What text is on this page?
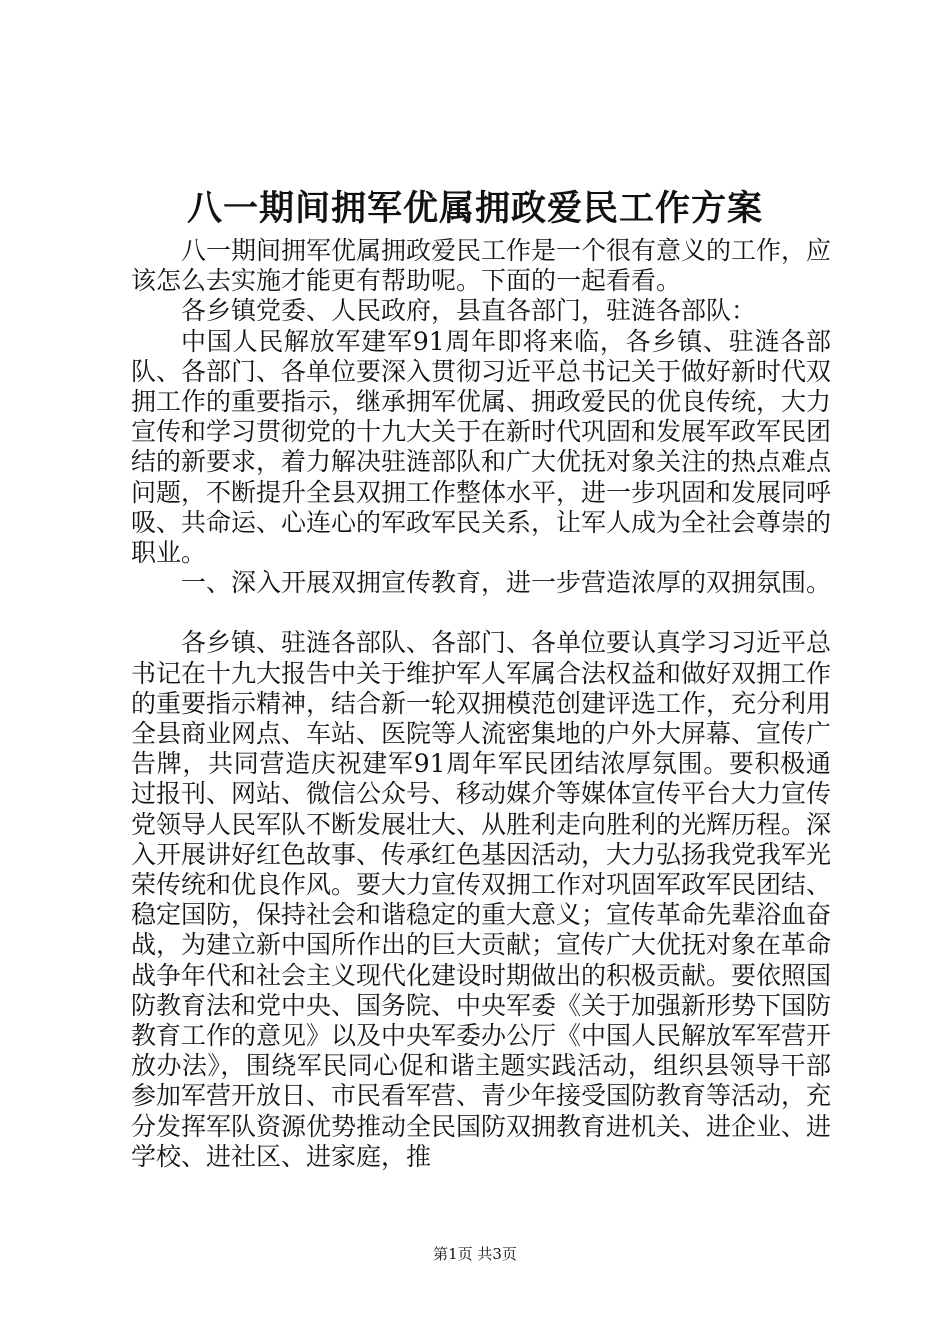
八一期间拥军优属拥政爱民工作方案

八一期间拥军优属拥政爱民工作是一个很有意义的工作，应该怎么去实施才能更有帮助呢。下面的一起看看。

各乡镇党委、人民政府，县直各部门，驻涟各部队：

中国人民解放军建军91周年即将来临，各乡镇、驻涟各部队、各部门、各单位要深入贯彻习近平总书记关于做好新时代双拥工作的重要指示，继承拥军优属、拥政爱民的优良传统，大力宣传和学习贯彻党的十九大关于在新时代巩固和发展军政军民团结的新要求，着力解决驻涟部队和广大优抚对象关注的热点难点问题，不断提升全县双拥工作整体水平，进一步巩固和发展同呼吸、共命运、心连心的军政军民关系，让军人成为全社会尊崇的职业。

一、深入开展双拥宣传教育，进一步营造浓厚的双拥氛围。

各乡镇、驻涟各部队、各部门、各单位要认真学习习近平总书记在十九大报告中关于维护军人军属合法权益和做好双拥工作的重要指示精神，结合新一轮双拥模范创建评选工作，充分利用全县商业网点、车站、医院等人流密集地的户外大屏幕、宣传广告牌，共同营造庆祝建军91周年军民团结浓厚氛围。要积极通过报刊、网站、微信公众号、移动媒介等媒体宣传平台大力宣传党领导人民军队不断发展壮大、从胜利走向胜利的光辉历程。深入开展讲好红色故事、传承红色基因活动，大力弘扬我党我军光荣传统和优良作风。要大力宣传双拥工作对巩固军政军民团结、稳定国防，保持社会和谐稳定的重大意义；宣传革命先辈浴血奋战，为建立新中国所作出的巨大贡献；宣传广大优抚对象在革命战争年代和社会主义现代化建设时期做出的积极贡献。要依照国防教育法和党中央、国务院、中央军委《关于加强新形势下国防教育工作的意见》以及中央军委办公厅《中国人民解放军军营开放办法》，围绕军民同心促和谐主题实践活动，组织县领导干部参加军营开放日、市民看军营、青少年接受国防教育等活动，充分发挥军队资源优势推动全民国防双拥教育进机关、进企业、进学校、进社区、进家庭，推

第1页 共3页
